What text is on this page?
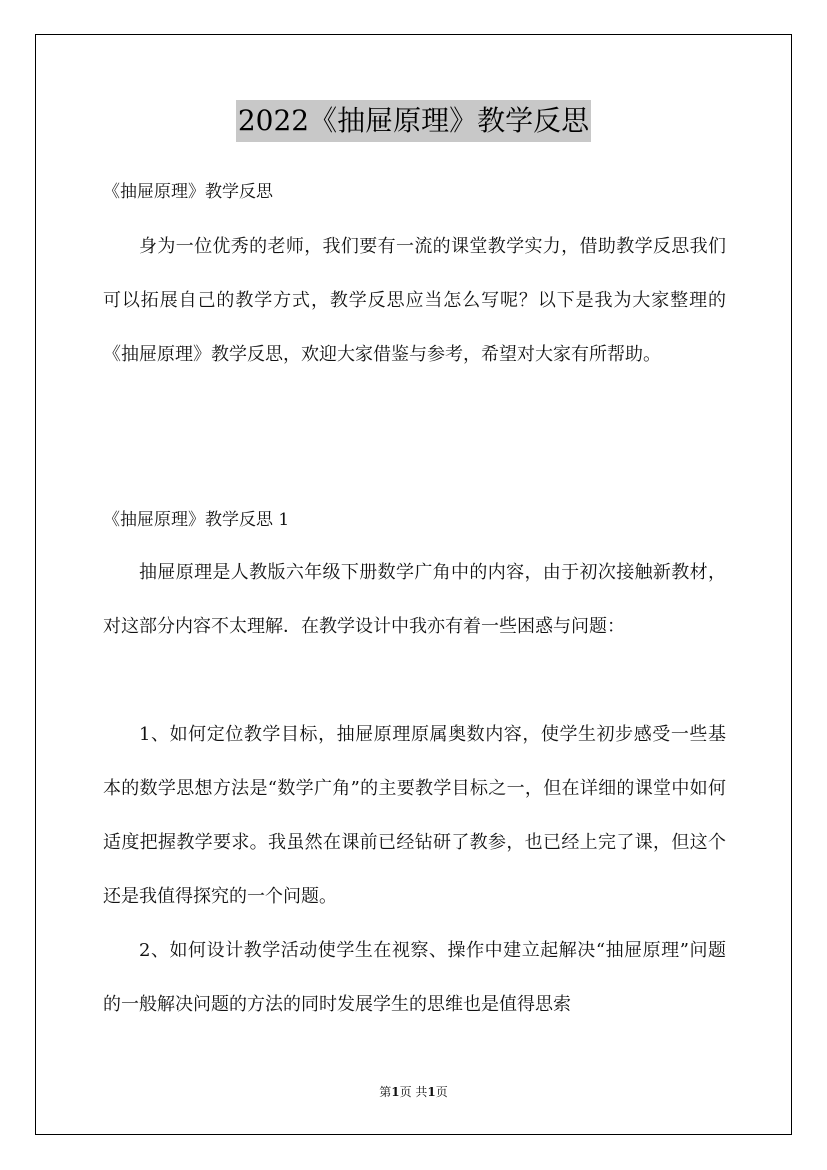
2022《抽屉原理》教学反思
《抽屉原理》教学反思

身为一位优秀的老师，我们要有一流的课堂教学实力，借助教学反思我们可以拓展自己的教学方式，教学反思应当怎么写呢？以下是我为大家整理的《抽屉原理》教学反思，欢迎大家借鉴与参考，希望对大家有所帮助。

《抽屉原理》教学反思 1

抽屉原理是人教版六年级下册数学广角中的内容，由于初次接触新教材，对这部分内容不太理解．在教学设计中我亦有着一些困惑与问题：

1、如何定位教学目标，抽屉原理原属奥数内容，使学生初步感受一些基本的数学思想方法是“数学广角”的主要教学目标之一，但在详细的课堂中如何适度把握教学要求。我虽然在课前已经钻研了教参，也已经上完了课，但这个还是我值得探究的一个问题。

2、如何设计教学活动使学生在视察、操作中建立起解决“抽屉原理”问题的一般解决问题的方法的同时发展学生的思维也是值得思索

第1页 共1页
